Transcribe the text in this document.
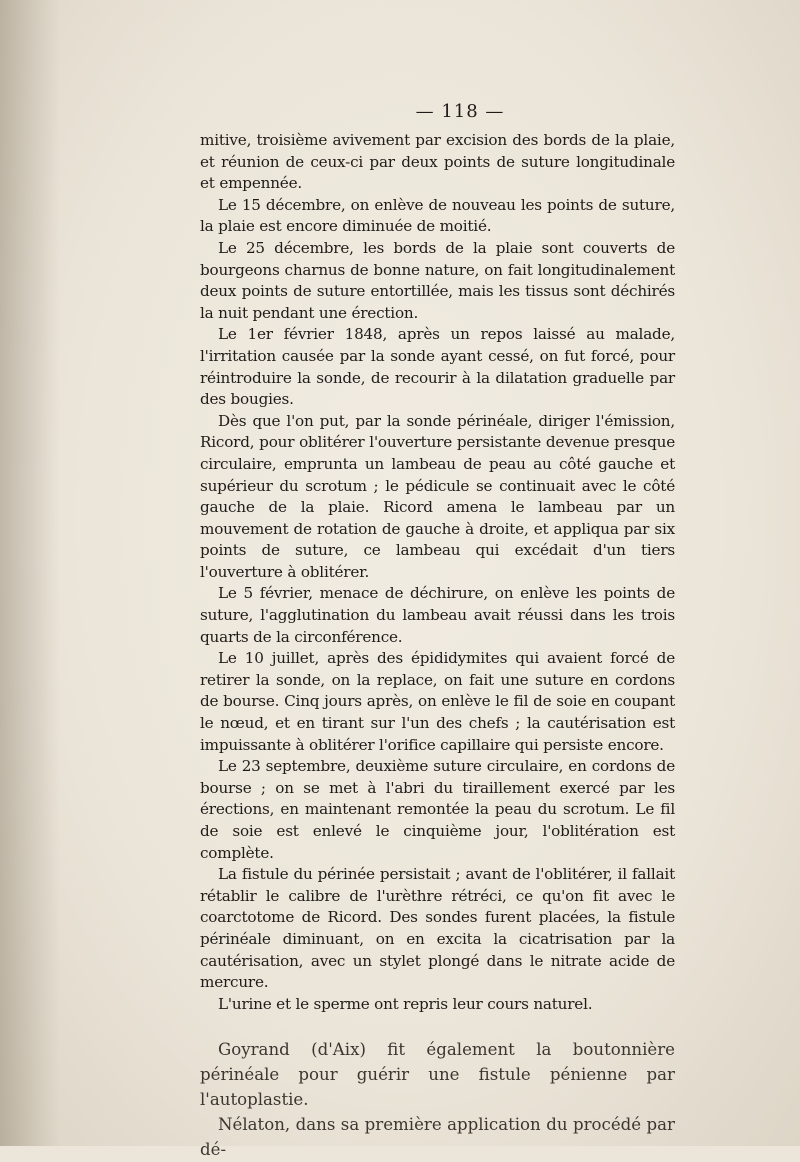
— 118 —

mitive, troisième avivement par excision des bords de la plaie, et réunion de ceux-ci par deux points de suture longitudinale et empennée.

Le 15 décembre, on enlève de nouveau les points de suture, la plaie est encore diminuée de moitié.

Le 25 décembre, les bords de la plaie sont couverts de bourgeons charnus de bonne nature, on fait longitudinalement deux points de suture entortillée, mais les tissus sont déchirés la nuit pendant une érection.

Le 1er février 1848, après un repos laissé au malade, l'irritation causée par la sonde ayant cessé, on fut forcé, pour réintroduire la sonde, de recourir à la dilatation graduelle par des bougies.

Dès que l'on put, par la sonde périnéale, diriger l'émission, Ricord, pour oblitérer l'ouverture persistante devenue presque circulaire, emprunta un lambeau de peau au côté gauche et supérieur du scrotum ; le pédicule se continuait avec le côté gauche de la plaie. Ricord amena le lambeau par un mouvement de rotation de gauche à droite, et appliqua par six points de suture, ce lambeau qui excédait d'un tiers l'ouverture à oblitérer.

Le 5 février, menace de déchirure, on enlève les points de suture, l'agglutination du lambeau avait réussi dans les trois quarts de la circonférence.

Le 10 juillet, après des épididymites qui avaient forcé de retirer la sonde, on la replace, on fait une suture en cordons de bourse. Cinq jours après, on enlève le fil de soie en coupant le nœud, et en tirant sur l'un des chefs ; la cautérisation est impuissante à oblitérer l'orifice capillaire qui persiste encore.

Le 23 septembre, deuxième suture circulaire, en cordons de bourse ; on se met à l'abri du tiraillement exercé par les érections, en maintenant remontée la peau du scrotum. Le fil de soie est enlevé le cinquième jour, l'oblitération est complète.

La fistule du périnée persistait ; avant de l'oblitérer, il fallait rétablir le calibre de l'urèthre rétréci, ce qu'on fit avec le coarctotome de Ricord. Des sondes furent placées, la fistule périnéale diminuant, on en excita la cicatrisation par la cautérisation, avec un stylet plongé dans le nitrate acide de mercure.

L'urine et le sperme ont repris leur cours naturel.

Goyrand (d'Aix) fit également la boutonnière périnéale pour guérir une fistule pénienne par l'autoplastie.

Nélaton, dans sa première application du procédé par dé-
